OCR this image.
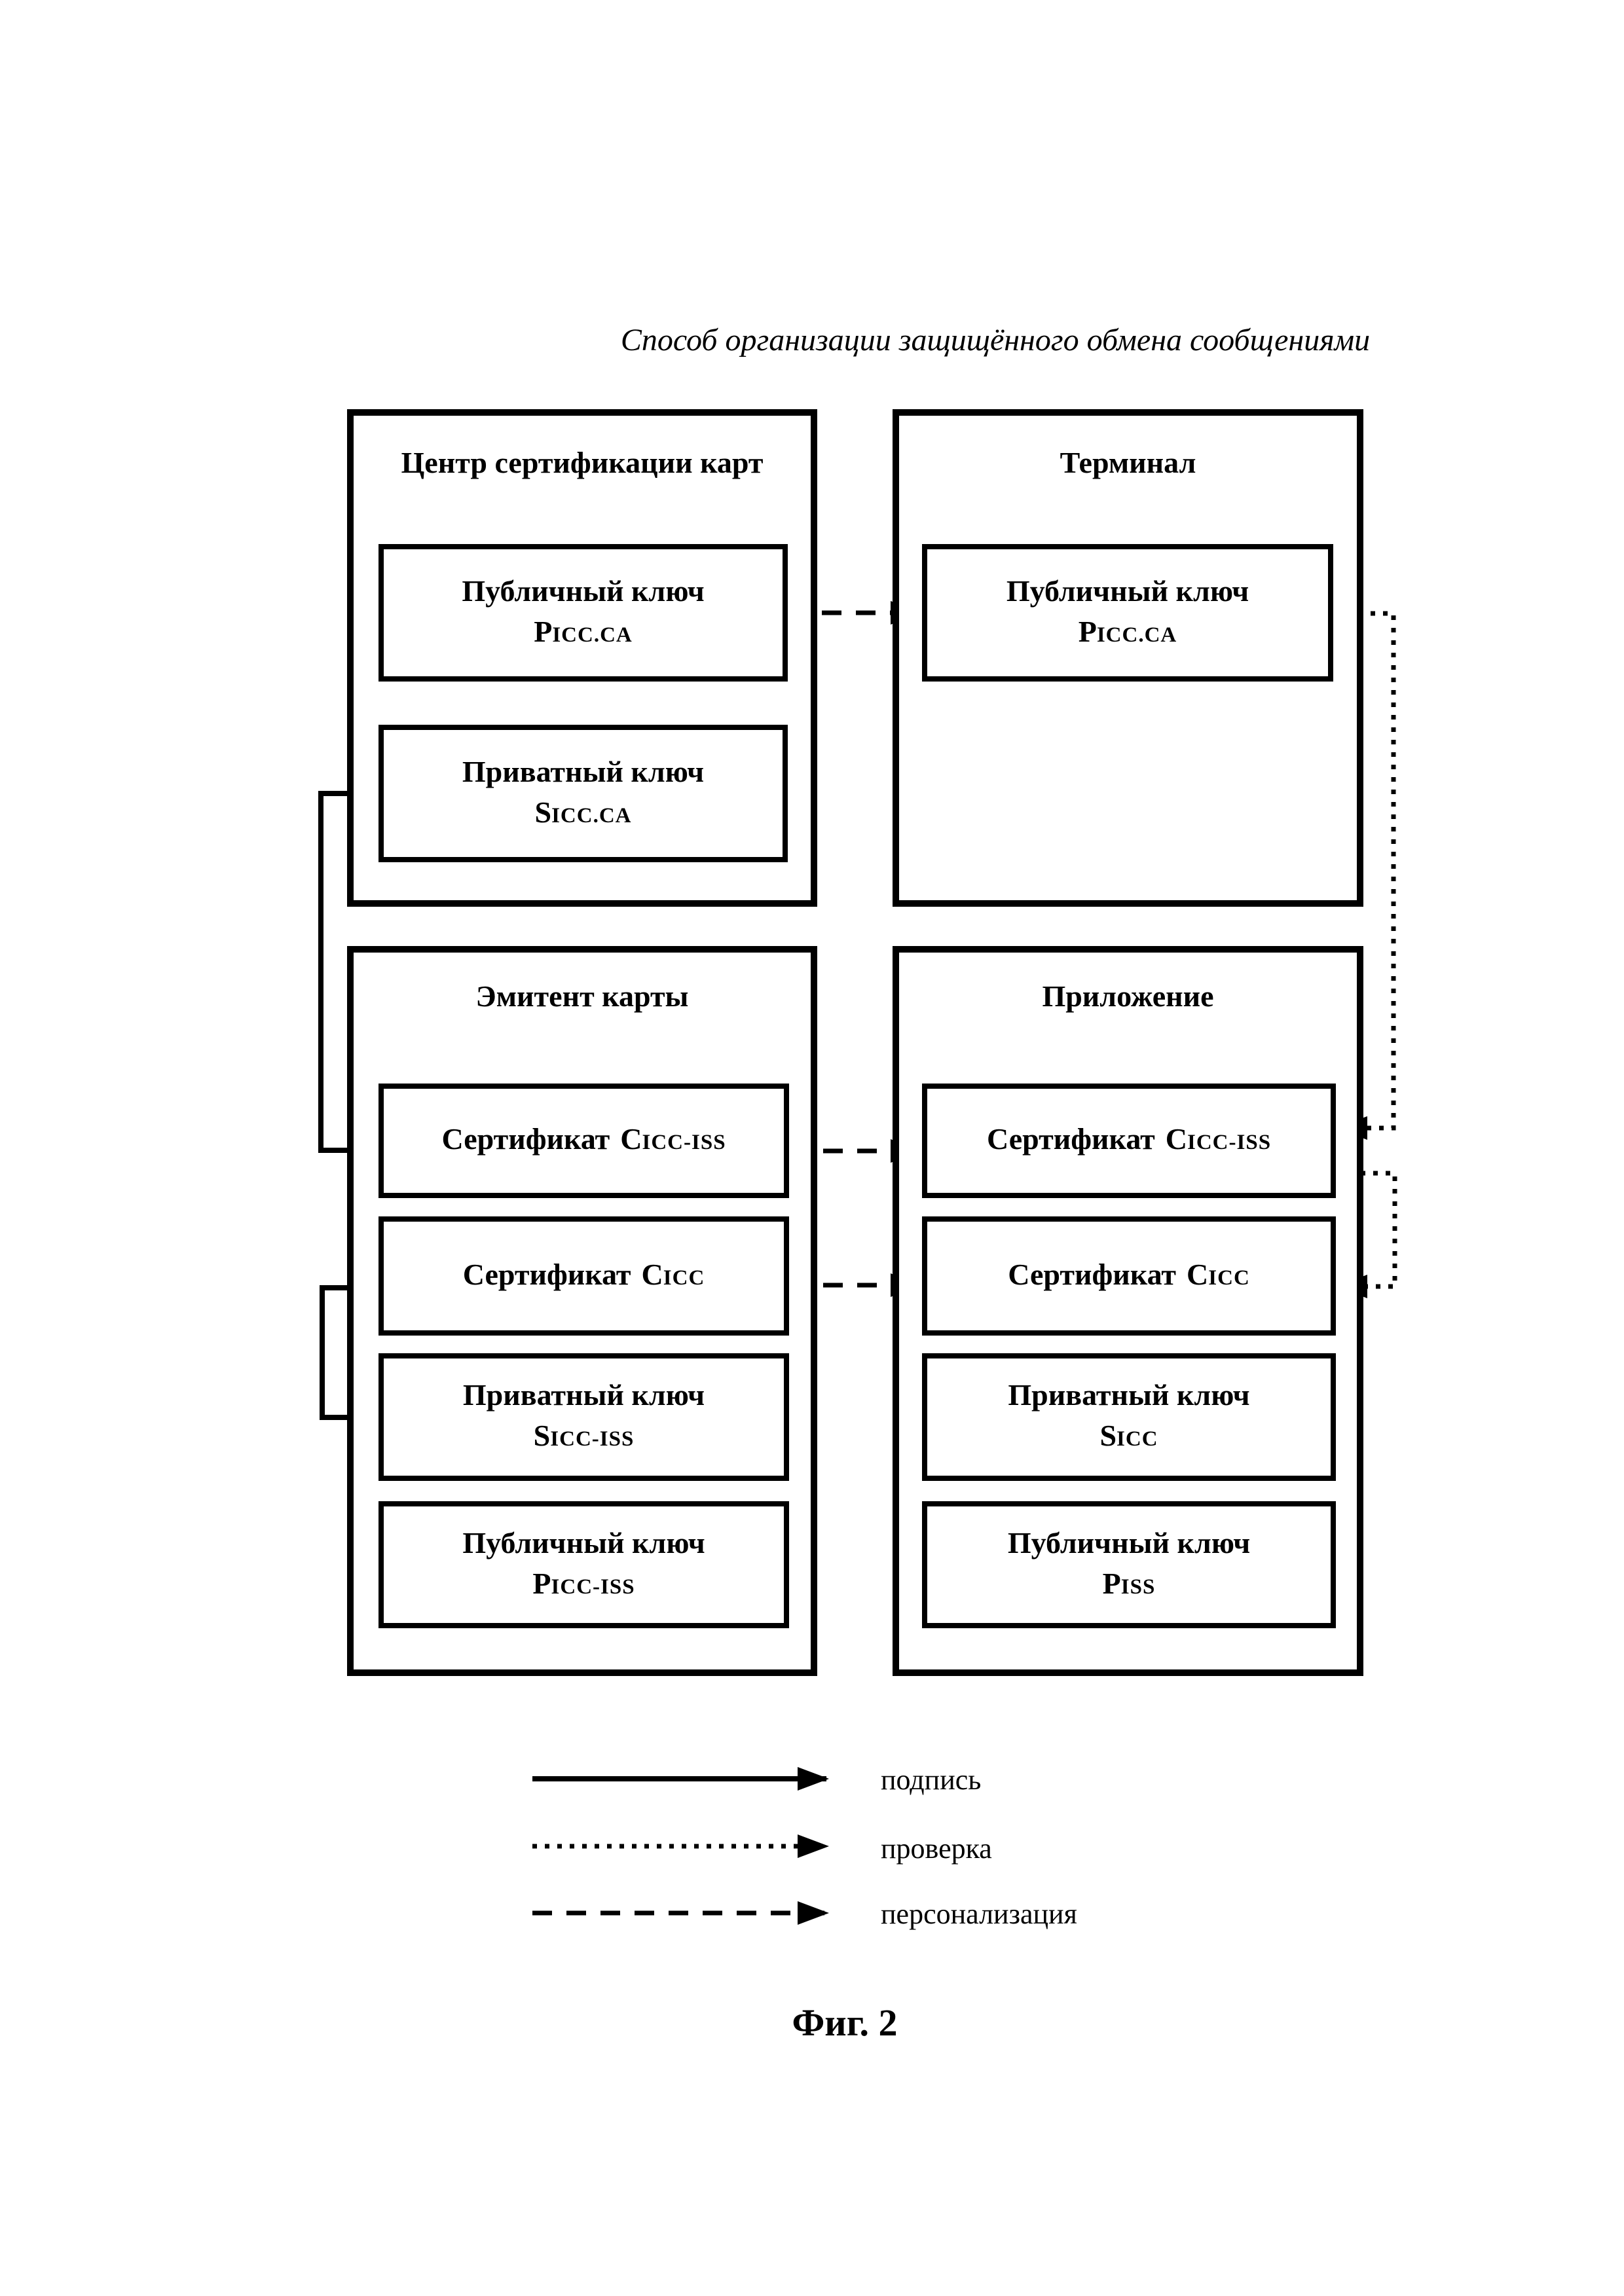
Способ организации защищённого обмена сообщениями
Центр сертификации карт	Терминал
Эмитент карты	Приложение
Публичный ключ
PICC.CA
Приватный ключ
SICC.CA
Публичный ключ
PICC.CA
Сертификат CICC-ISS
Сертификат CICC
Приватный ключ
SICC-ISS
Публичный ключ
PICC-ISS
Сертификат CICC-ISS
Сертификат CICC
Приватный ключ
SICC
Публичный ключ
PISS
подпись
проверка
персонализация
Фиг. 2
